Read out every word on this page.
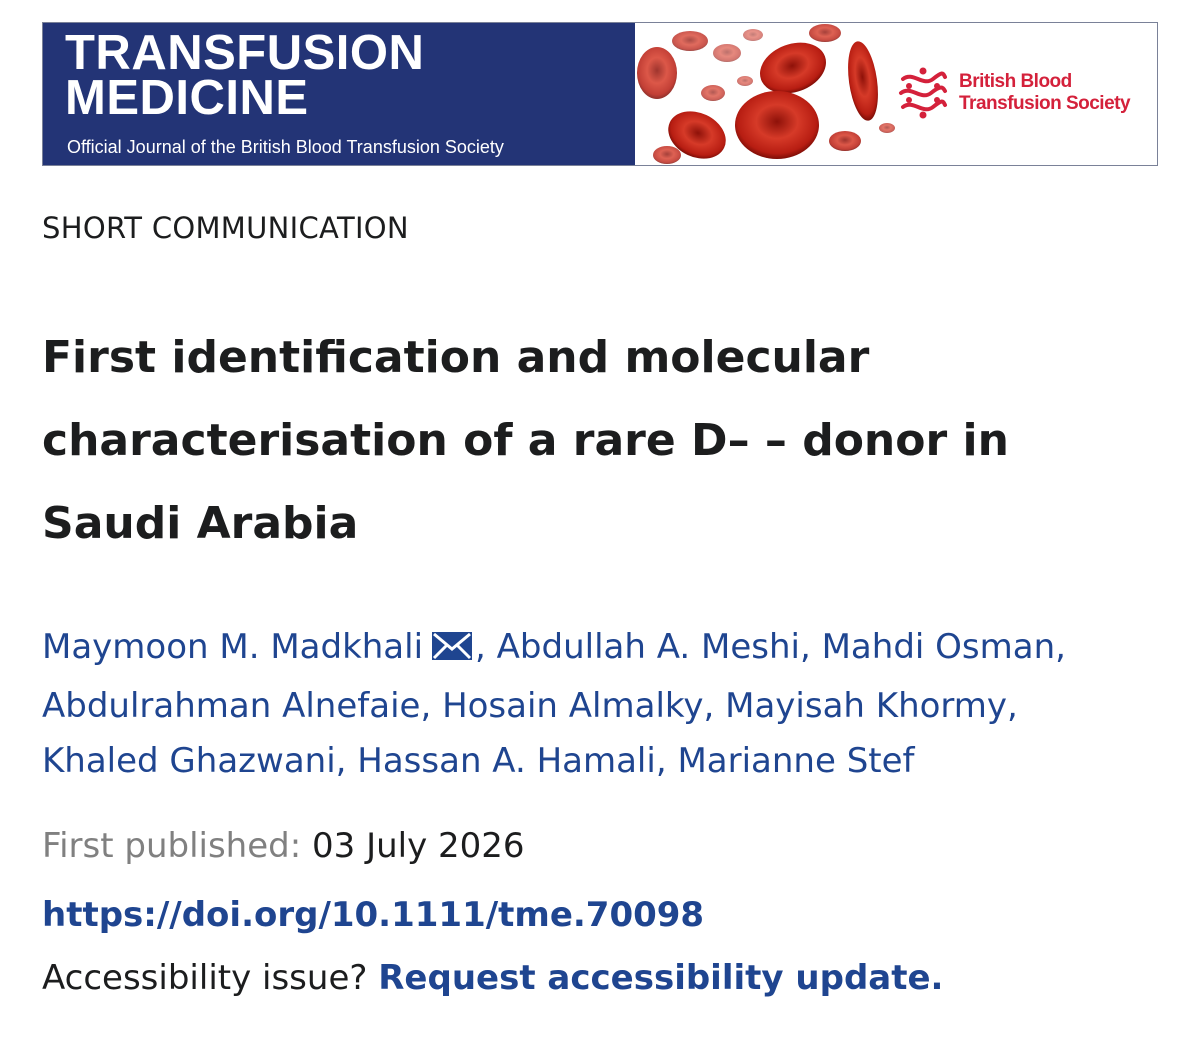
TRANSFUSION
MEDICINE
Official Journal of the British Blood Transfusion Society
British Blood
Transfusion Society
SHORT COMMUNICATION
First identification and molecular characterisation of a rare D– – donor in Saudi Arabia
Maymoon M. Madkhali , Abdullah A. Meshi, Mahdi Osman,
Abdulrahman Alnefaie, Hosain Almalky, Mayisah Khormy,
Khaled Ghazwani, Hassan A. Hamali, Marianne Stef
First published: 03 July 2026
https://doi.org/10.1111/tme.70098
Accessibility issue? Request accessibility update.
